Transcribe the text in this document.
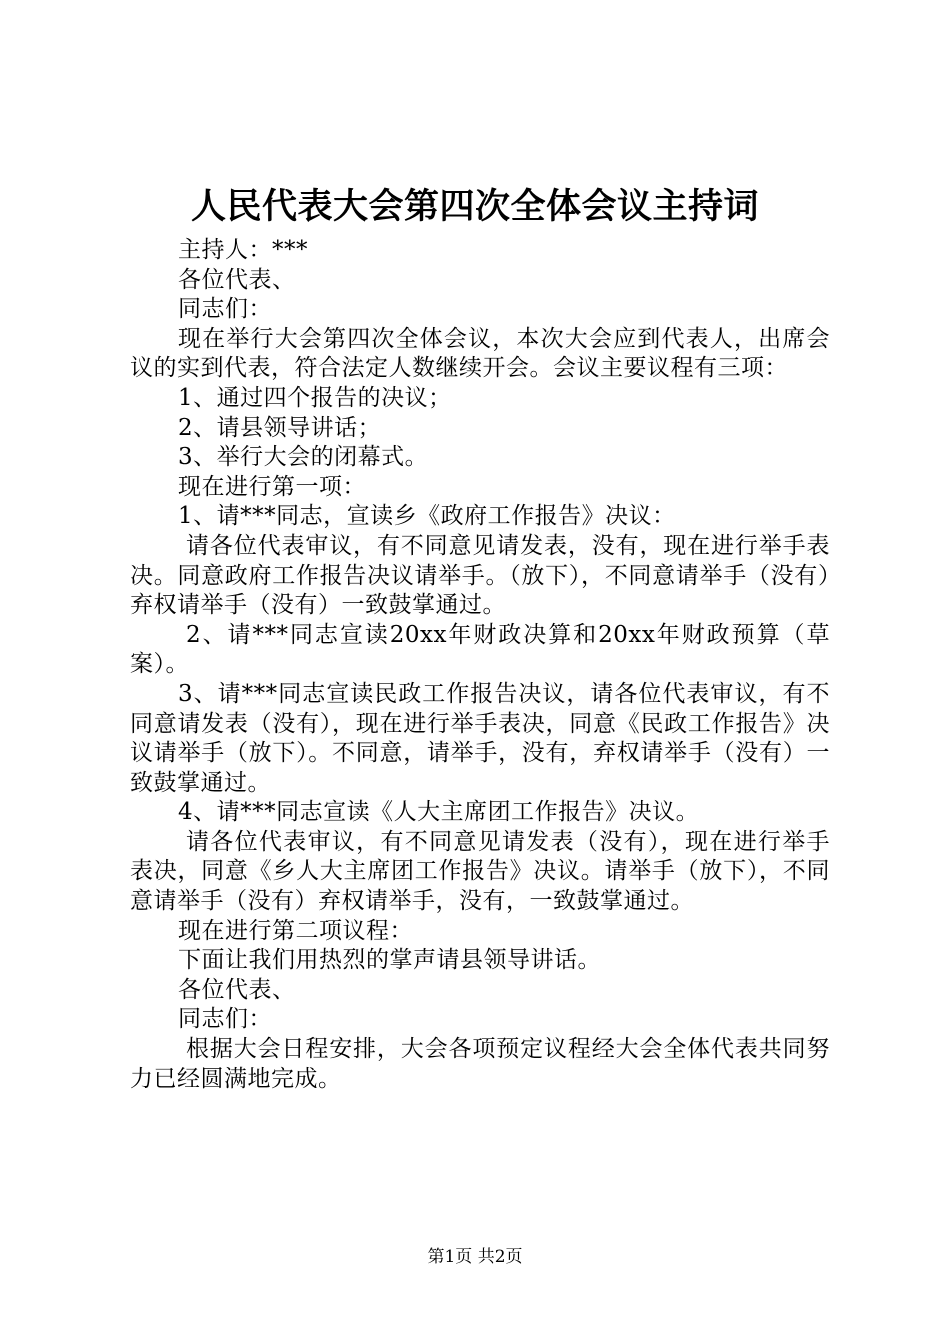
人民代表大会第四次全体会议主持词

主持人：***

各位代表、

同志们：

现在举行大会第四次全体会议，本次大会应到代表人，出席会议的实到代表，符合法定人数继续开会。会议主要议程有三项：

1、通过四个报告的决议；

2、请县领导讲话；

3、举行大会的闭幕式。

现在进行第一项：

1、请***同志，宣读乡《政府工作报告》决议：

请各位代表审议，有不同意见请发表，没有，现在进行举手表决。同意政府工作报告决议请举手。（放下），不同意请举手（没有）弃权请举手（没有）一致鼓掌通过。

2、请***同志宣读20xx年财政决算和20xx年财政预算（草案）。

3、请***同志宣读民政工作报告决议，请各位代表审议，有不同意请发表（没有），现在进行举手表决，同意《民政工作报告》决议请举手（放下）。不同意，请举手，没有，弃权请举手（没有）一致鼓掌通过。

4、请***同志宣读《人大主席团工作报告》决议。

请各位代表审议，有不同意见请发表（没有），现在进行举手表决，同意《乡人大主席团工作报告》决议。请举手（放下），不同意请举手（没有）弃权请举手，没有，一致鼓掌通过。

现在进行第二项议程：

下面让我们用热烈的掌声请县领导讲话。

各位代表、

同志们：

根据大会日程安排，大会各项预定议程经大会全体代表共同努力已经圆满地完成。

第1页 共2页
